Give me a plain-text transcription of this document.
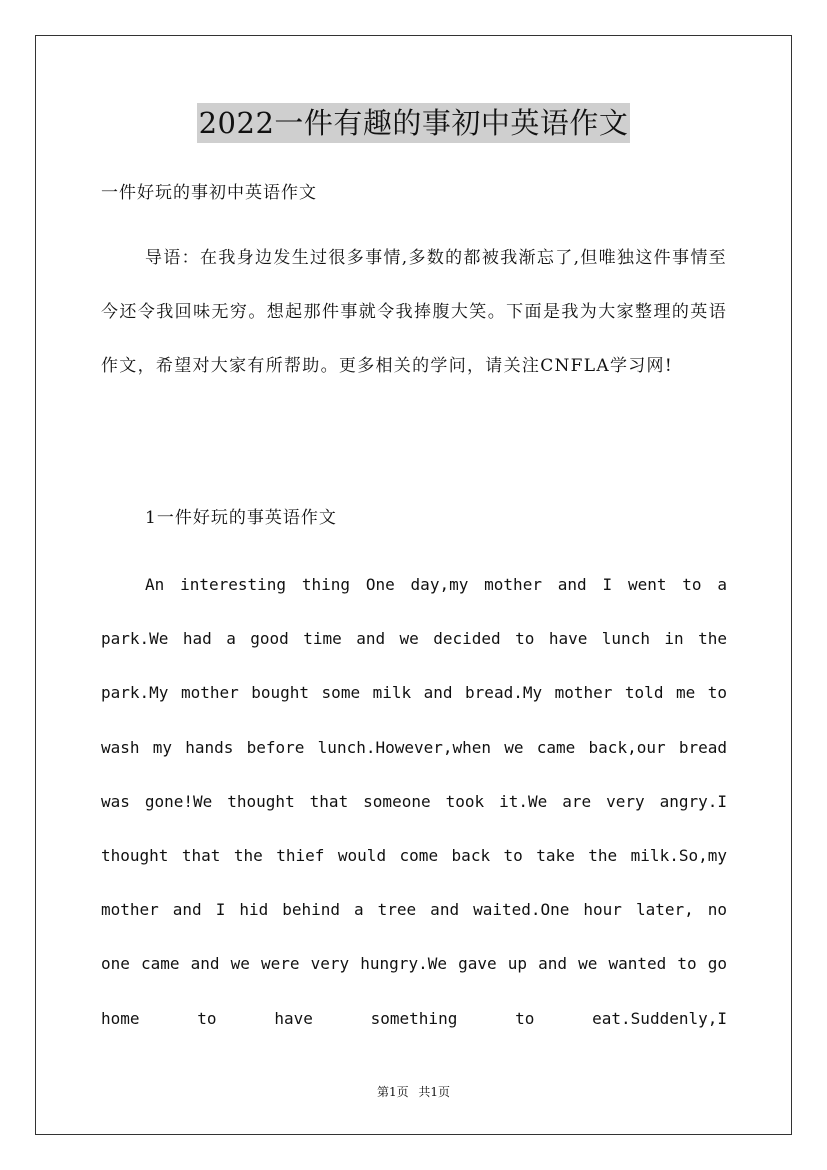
2022一件有趣的事初中英语作文
一件好玩的事初中英语作文
导语：在我身边发生过很多事情,多数的都被我渐忘了,但唯独这件事情至今还令我回味无穷。想起那件事就令我捧腹大笑。下面是我为大家整理的英语作文，希望对大家有所帮助。更多相关的学问，请关注CNFLA学习网!
1一件好玩的事英语作文
An interesting thing One day,my mother and I went to a park.We had a good time and we decided to have lunch in the park.My mother bought some milk and bread.My mother told me to wash my hands before lunch.However,when we came back,our bread was gone!We thought that someone took it.We are very angry.I thought that the thief would come back to take the milk.So,my mother and I hid behind a tree and waited.One hour later, no one came and we were very hungry.We gave up and we wanted to go home to have something to eat.Suddenly,I
第1页 共1页
